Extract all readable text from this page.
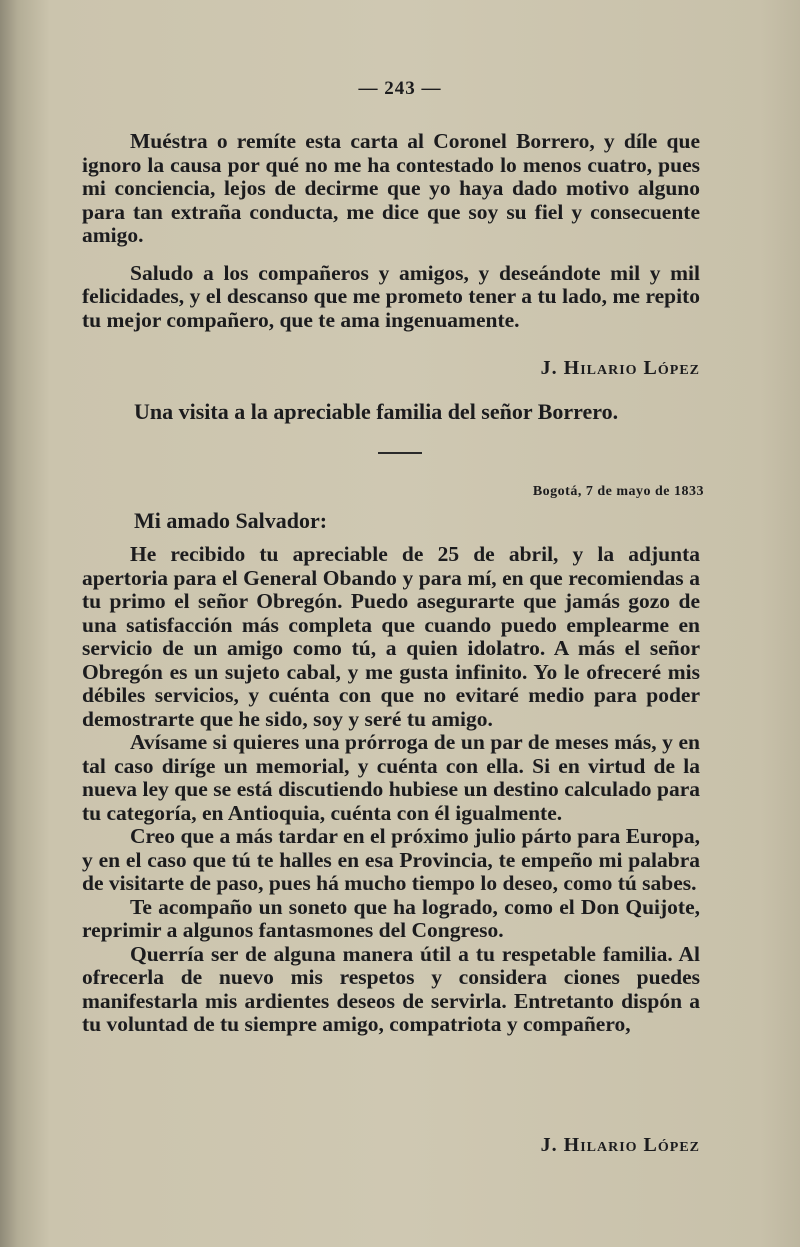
— 243 —

Muéstra o remíte esta carta al Coronel Borrero, y díle que ignoro la causa por qué no me ha contestado lo menos cuatro, pues mi conciencia, lejos de decirme que yo haya dado motivo alguno para tan extraña conducta, me dice que soy su fiel y consecuente amigo.

Saludo a los compañeros y amigos, y deseándote mil y mil felicidades, y el descanso que me prometo tener a tu lado, me repito tu mejor compañero, que te ama ingenuamente.

J. Hilario López
Una visita a la apreciable familia del señor Borrero.
Bogotá, 7 de mayo de 1833
Mi amado Salvador:

He recibido tu apreciable de 25 de abril, y la adjunta apertoria para el General Obando y para mí, en que recomiendas a tu primo el señor Obregón. Puedo asegurarte que jamás gozo de una satisfacción más completa que cuando puedo emplearme en servicio de un amigo como tú, a quien idolatro. A más el señor Obregón es un sujeto cabal, y me gusta infinito. Yo le ofreceré mis débiles servicios, y cuénta con que no evitaré medio para poder demostrarte que he sido, soy y seré tu amigo.

Avísame si quieres una prórroga de un par de meses más, y en tal caso diríge un memorial, y cuénta con ella. Si en virtud de la nueva ley que se está discutiendo hubiese un destino calculado para tu categoría, en Antioquia, cuénta con él igualmente.

Creo que a más tardar en el próximo julio párto para Europa, y en el caso que tú te halles en esa Provincia, te empeño mi palabra de visitarte de paso, pues há mucho tiempo lo deseo, como tú sabes.

Te acompaño un soneto que ha logrado, como el Don Quijote, reprimir a algunos fantasmones del Congreso.

Querría ser de alguna manera útil a tu respetable familia. Al ofrecerla de nuevo mis respetos y considera ciones puedes manifestarla mis ardientes deseos de servirla. Entretanto dispón a tu voluntad de tu siempre amigo, compatriota y compañero,

J. Hilario López
